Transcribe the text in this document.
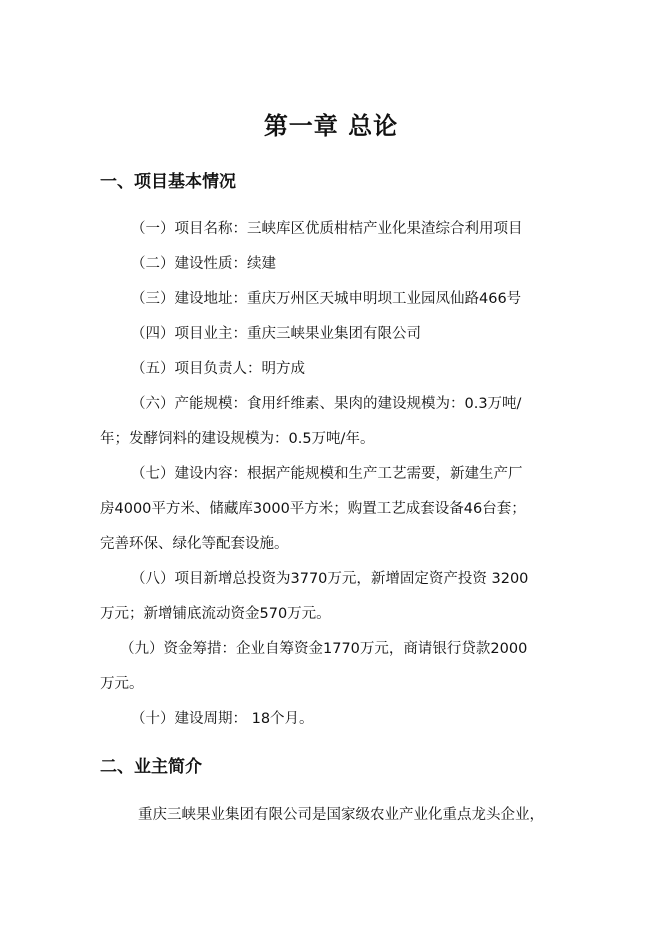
第一章 总论
一、项目基本情况
（一）项目名称：三峡库区优质柑桔产业化果渣综合利用项目
（二）建设性质：续建
（三）建设地址：重庆万州区天城申明坝工业园凤仙路466号
（四）项目业主：重庆三峡果业集团有限公司
（五）项目负责人：明方成
（六）产能规模：食用纤维素、果肉的建设规模为：0.3万吨/
年；发酵饲料的建设规模为：0.5万吨/年。
（七）建设内容：根据产能规模和生产工艺需要，新建生产厂
房4000平方米、储藏库3000平方米；购置工艺成套设备46台套；
完善环保、绿化等配套设施。
（八）项目新增总投资为3770万元，新增固定资产投资 3200
万元；新增铺底流动资金570万元。
（九）资金筹措：企业自筹资金1770万元，商请银行贷款2000
万元。
（十）建设周期： 18个月。
二、业主简介
重庆三峡果业集团有限公司是国家级农业产业化重点龙头企业，
